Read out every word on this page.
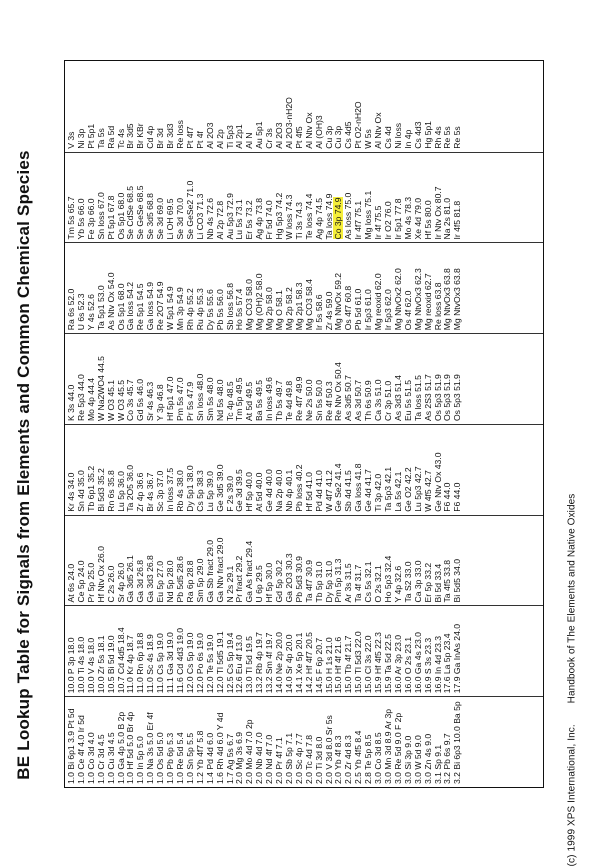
BE Lookup Table for Signals from Elements and Common Chemical Species	1.0 Bi 6p1 3.9 Pt 5d 1.0 Ce 4f 4.0 Ir 5d 1.0 Co 3d 4.0 1.0 Cr 3d 4.5 1.0 Cu 3d 4.5 1.0 Ga 4p 5.0 B 2p 1.0 Hf 5d 5.0 Br 4p 1.0 In 5p 5.0 1.0 Na 3s 5.0 Er 4f 1.0 Os 5d 5.0 1.0 Pb 6p 5.3 1.0 Re 5d 5.4 1.0 Sn 5p 5.5 1.2 Yb 4f7 5.8 1.4 Pd 4d 6.0 1.6 Rh 4d 6.0 Y 4d 1.7 Ag 5s 6.7 2.0 Mg 3s 6.9 2.0 Mo 4d 7.0 2p 2.0 Nb 4d 7.0 2.0 Nd 4f 7.0 2.0 Pr 4f 7.1 2.0 Sb 5p 7.1 2.0 Sc 4p 7.7 2.0 Tc 4d 7.8 2.0 Ti 3d 8.0 2.0 V 3d 8.0 Sr 5s 2.0 Yb 4f 8.3 2.0 Zr 4d 8.3 2.5 Yb 4f5 8.4 2.8 Te 5p 8.5 3.0 Co 3d 8.5 3.0 Mn 3d 8.9 Ar 3p 3.0 Re 5d 9.0 F 2p 3.0 Si 3p 9.0 3.0 W 5d 9.0 3.0 Zn 4s 9.0 3.1 Sp 9.1 3.2 Pb 6s 9.7 3.2 Bi 6p3 10.0 Ba 5p
10.0 P 3p 18.0 10.0 Ti 4s 18.0 10.0 V 4s 18.0 10.0 Zr 5s 18.1 10.5 Bi 5d 19.0 10.7 Cd 4d5 18.4 11.0 Kr 4p 18.7 11.0 Rn 6p 18.8 11.0 Sc 4s 18.9 11.0 Cs 5p 19.0 11.1 Ga 3d 19.0 11.6 Cd 4d3 19.0 12.0 Cs 5p 19.0 12.0 Po 6s 19.0 12.0 Te 5s 19.0 12.0 Tl 5d5 19.1 12.5 Cs 5p 19.4 12.6 Eu 4f 13.0 13.0 Tl 5d 19.5 13.2 Rb 4p 19.7 13.2 Sm 4f 19.7 14.0 Ne 2p 20.0 14.0 Sr 4p 20.0 14.1 Xe 5p 20.1 14.2 Hf 4f7 20.5 14.5 F 6p 20.7 15.0 H 1s 21.0 15.0 Hf 4f 21.6 15.0 Tb 4f 21.7 15.0 Tl 5d3 22.0 15.0 Cl 3s 22.0 15.9 Hf 4f5 22.3 15.9 Ta 5d 22.5 16.0 Ar 3p 23.0 16.0 O 2s 23.1 16.0 Ga 4s 23.0 16.9 S 3s 23.3 16.9 In 4d 23.3 17.6 La 5p 23.4 17.9 Ga InAs 24.0
At 6s 24.0 Ce 5p 24.0 Pr 5p 25.0 Hf Ntv Ox 26.0 C 2s 26.0 Sr 4p 26.0 Ga 3d5 26.1 Ga 3d 26.8 Ga 3d3 26.8 Eu 5p 27.0 Nd 5p 28.0 Pb 5d5 28.6 Ra 6p 28.8 Sm 5p 29.0 Ga Sb fract 29.0 Ga Ntv fract 29.0 N 2s 29.1 Pr fract 29.2 Ga As fract 29.4 U 6p 29.5 Hf 5p 30.0 Gd 5p 30.2 Ga 2O3 30.3 Pb 5d3 30.9 Ta 4f7 30.9 Tb 5p 31.0 Dy 5p 31.0 Pm 5p 31.3 Ar 3s 31.5 Ta 4f 31.7 Cs 5s 32.1 O 2s 32.1 Ho 5p3 32.4 Y 4p 32.6 Ta S2 33.0 Ca 3p 33.0 Er 5p 33.2 Bi 5d 33.4 Ta 4f5 33.8 Bi 5d5 34.0
Kr 4s 34.0 Sn 4d 35.0 Tb 6p1 35.2 Bi 5d3 35.2 Rn 6s 35.8 Lu 5p 36.0 Ta 2O5 36.0 Zr 4p 36.6 Br 4s 36.7 Sc 3p 37.0 In loss 37.5 Rb 4s 38.0 Dy 5p1 38.0 Cs 5p 38.3 Lu 5p 39.0 Ge 3d5 39.0 F 2s 39.0 Ge 3d 39.5 Hf 5p 40.0 At 5d 40.0 Ge 4d 40.0 Na 2p 40.0 Nb 4p 40.1 Pb loss 40.2 Hf 5d 41.0 Pd 4d 41.0 W 4f7 41.2 Ge Se2 41.4 Sb 4d 41.5 Ga loss 41.8 Ge 4d 41.7 Ti 3p 42.0 Ta 5p3 42.1 La 5s 42.1 Ge O2 42.2 Lu 5p3 42.7 W 4f5 42.7 Ge Ntv Ox 43.0 F6 44.0 F6 44.0
K 3s 44.0 Re 5p3 44.0 Mo 4p 44.4 W Na2WO4 44.5 W O3 45.1 W O3 45.5 Co 3s 45.7 Gd 5s 46.0 Sr 4s 46.3 Y 3p 46.8 Hf 5p1 47.0 Pm 5s 47.0 Pr 5s 47.9 Sn loss 48.0 Sm 5s 48.0 Nd 5s 48.0 Tc 4p 48.5 Tm 5p 49.5 At 5d 49.5 Ba 5s 49.5 In loss 49.6 Tb 5s 49.7 Te 4d 49.8 Re 4f7 49.9 Ne 2s 50.0 Sn 5s 50.0 Re 4f 50.3 Re Ntv Ox 50.4 As 3d5 50.7 As 3d 50.7 Th 6s 50.9 Ca 3s 51.0 Cr 3p 51.0 As 3d3 51.4 Eu 5s 51.5 Ta loss 51.5 As 2S3 51.7 Os 5p3 51.9 Os 5p3 51.9 Os 5p3 51.9
Ra 6s 52.0 U 6s 52.3 Y 4s 52.6 Ta 5p1 53.0 As Ntv Ox 54.0 Os 5p1 68.0 Ga loss 54.2 Re 5p1 54.5 Ga loss 54.9 Re 2O7 54.9 W 5p1 54.9 Mn 3p 54.9 Rh 4p 55.2 Ru 4p 55.3 Dy 5s 55.6 Pb 5s 56.0 Sb loss 56.8 Ho 5s 57.4 Mg CO3 58.0 Mg (OH)2 58.0 Mg 2p 58.0 Mg O 58.1 Mg 2p 58.2 Mg 2p1 58.3 Mg CO3 58.4 Ir 5s 58.6 Zr 4s 59.0 Mg NtvOx 59.2 Os 4f7 60.8 Pb 5d 61.0 Ir 5p3 61.0 Mg reoxid 62.0 Ir 5p3 62.0 Mg NtvOx2 62.0 Os 4f 62.0 Mg NtvOx3 62.3 Mg reoxid 62.7 Re loss 63.8 Mg NtvOx3 63.8 Mg NtvOx3 63.8
Tm 5s 65.7 Yb 5s 66.0 Fe 3p 66.0 Sn loss 67.0 Pt 5p1 67.8 Os 5p1 68.0 Se CdSe 68.5 Se GeSe 68.5 Se 3d5 68.8 Se 3d 69.0 Li OH 69.5 Se 3d 70.0 Se GeSe2 71.0 Li CO3 71.3 Nb 4s 72.6 Al 2p 72.8 Au 5p3 72.9 Lu 5s 73.1 Er 5s 73.2 Ag 4p 73.8 Fr 5d 74.0 Hg 5p3 74.2 W loss 74.3 Ti 3s 74.3 Te loss 74.4 Ag 4p 74.5 Ta loss 74.9 Co 3p 74.9 As loss 75.0 Ir 4f7 75.1 Mg loss 75.1 Ir 4f 75.5 Ir O2 76.0 Ir 5p1 77.8 Mo 4s 78.3 Xe 4d 79.0 Hf 5s 80.0 Ir Ntv Ox 80.7 Na 2s 81.0 Ir 4f5 81.8
V 3s Ni 3p Pt 5p1 Ta 5s Ra 5d Tc 4s Br 3d5 Br KBr Cd 4p Br 3d Br 3d3 Re loss Pt 4f7 Pt 4f Al 2O3 Al 2p Ti 5p3 Al 2p1 Al N Au 5p1 Cr 3s Al 2O3 Al 2O3-nH2O Pt 4f5 Al Ntv Ox Al (OH)3 Cu 3p Cu 3p Cs 4d5 Pt O2-nH2O W 5s Al Ntv Ox Cs 4d Ni loss In 4p Cs 4d3 Hg 5p1 Rh 4s Re 5s Re 5s
(c) 1999 XPS International, Inc. Handbook of The Elements and Native Oxides
